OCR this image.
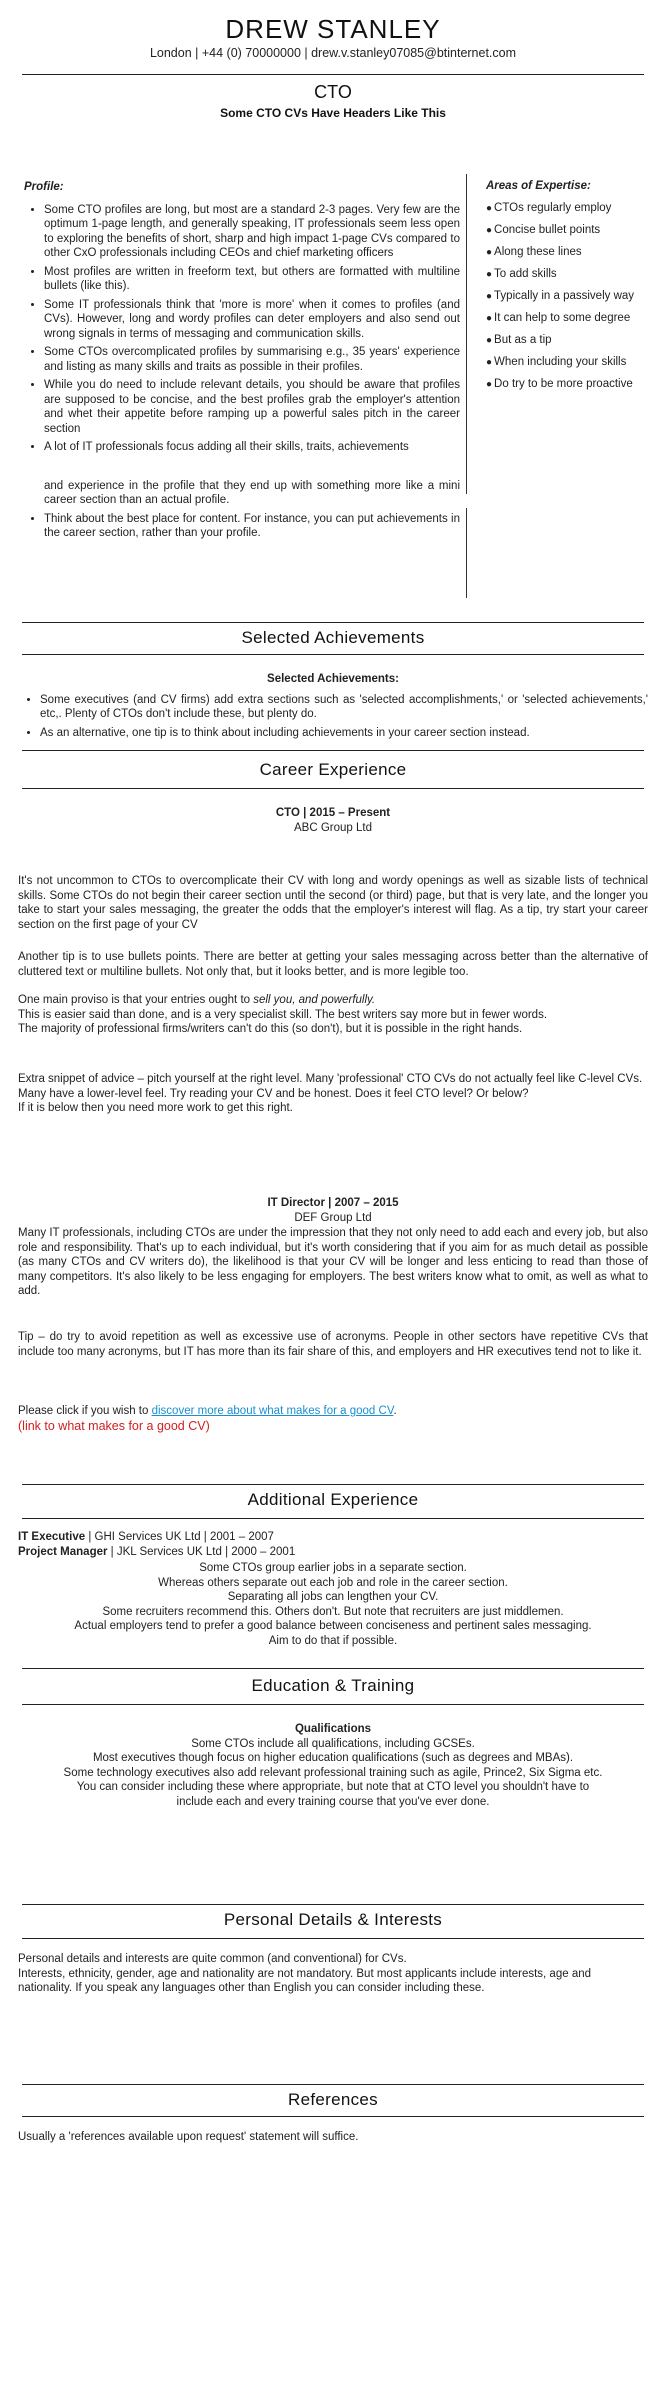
DREW STANLEY
London | +44 (0) 70000000 | drew.v.stanley07085@btinternet.com
CTO
Some CTO CVs Have Headers Like This
Profile:
• Some CTO profiles are long, but most are a standard 2-3 pages. Very few are the optimum 1-page length, and generally speaking, IT professionals seem less open to exploring the benefits of short, sharp and high impact 1-page CVs compared to other CxO professionals including CEOs and chief marketing officers
• Most profiles are written in freeform text, but others are formatted with multiline bullets (like this).
• Some IT professionals think that 'more is more' when it comes to profiles (and CVs). However, long and wordy profiles can deter employers and also send out wrong signals in terms of messaging and communication skills.
• Some CTOs overcomplicated profiles by summarising e.g., 35 years' experience and listing as many skills and traits as possible in their profiles.
• While you do need to include relevant details, you should be aware that profiles are supposed to be concise, and the best profiles grab the employer's attention and whet their appetite before ramping up a powerful sales pitch in the career section
• A lot of IT professionals focus adding all their skills, traits, achievements

and experience in the profile that they end up with something more like a mini career section than an actual profile.

• Think about the best place for content. For instance, you can put achievements in the career section, rather than your profile.
Areas of Expertise:
● CTOs regularly employ
● Concise bullet points
● Along these lines
● To add skills
● Typically in a passively way
● It can help to some degree
● But as a tip
● When including your skills
● Do try to be more proactive
Selected Achievements

Selected Achievements:

• Some executives (and CV firms) add extra sections such as 'selected accomplishments,' or 'selected achievements,' etc,. Plenty of CTOs don't include these, but plenty do.
• As an alternative, one tip is to think about including achievements in your career section instead.
Career Experience
CTO | 2015 – Present
ABC Group Ltd
It's not uncommon to CTOs to overcomplicate their CV with long and wordy openings as well as sizable lists of technical skills. Some CTOs do not begin their career section until the second (or third) page, but that is very late, and the longer you take to start your sales messaging, the greater the odds that the employer's interest will flag. As a tip, try start your career section on the first page of your CV
Another tip is to use bullets points. There are better at getting your sales messaging across better than the alternative of cluttered text or multiline bullets. Not only that, but it looks better, and is more legible too.

One main proviso is that your entries ought to sell you, and powerfully.

This is easier said than done, and is a very specialist skill. The best writers say more but in fewer words.

The majority of professional firms/writers can't do this (so don't), but it is possible in the right hands.

Extra snippet of advice – pitch yourself at the right level. Many 'professional' CTO CVs do not actually feel like C-level CVs. Many have a lower-level feel. Try reading your CV and be honest. Does it feel CTO level? Or below?

If it is below then you need more work to get this right.

IT Director | 2007 – 2015
DEF Group Ltd
Many IT professionals, including CTOs are under the impression that they not only need to add each and every job, but also role and responsibility. That's up to each individual, but it's worth considering that if you aim for as much detail as possible (as many CTOs and CV writers do), the likelihood is that your CV will be longer and less enticing to read than those of many competitors. It's also likely to be less engaging for employers. The best writers know what to omit, as well as what to add.
Tip – do try to avoid repetition as well as excessive use of acronyms. People in other sectors have repetitive CVs that include too many acronyms, but IT has more than its fair share of this, and employers and HR executives tend not to like it.

Please click if you wish to discover more about what makes for a good CV.

(link to what makes for a good CV)

Additional Experience

IT Executive | GHI Services UK Ltd | 2001 – 2007

Project Manager | JKL Services UK Ltd | 2000 – 2001

Some CTOs group earlier jobs in a separate section.

Whereas others separate out each job and role in the career section.

Separating all jobs can lengthen your CV.

Some recruiters recommend this. Others don't. But note that recruiters are just middlemen.

Actual employers tend to prefer a good balance between conciseness and pertinent sales messaging.

Aim to do that if possible.

Education & Training

Qualifications

Some CTOs include all qualifications, including GCSEs.

Most executives though focus on higher education qualifications (such as degrees and MBAs).

Some technology executives also add relevant professional training such as agile, Prince2, Six Sigma etc.

You can consider including these where appropriate, but note that at CTO level you shouldn't have to include each and every training course that you've ever done.

Personal Details & Interests

Personal details and interests are quite common (and conventional) for CVs.

Interests, ethnicity, gender, age and nationality are not mandatory. But most applicants include interests, age and nationality. If you speak any languages other than English you can consider including these.

References
Usually a 'references available upon request' statement will suffice.
